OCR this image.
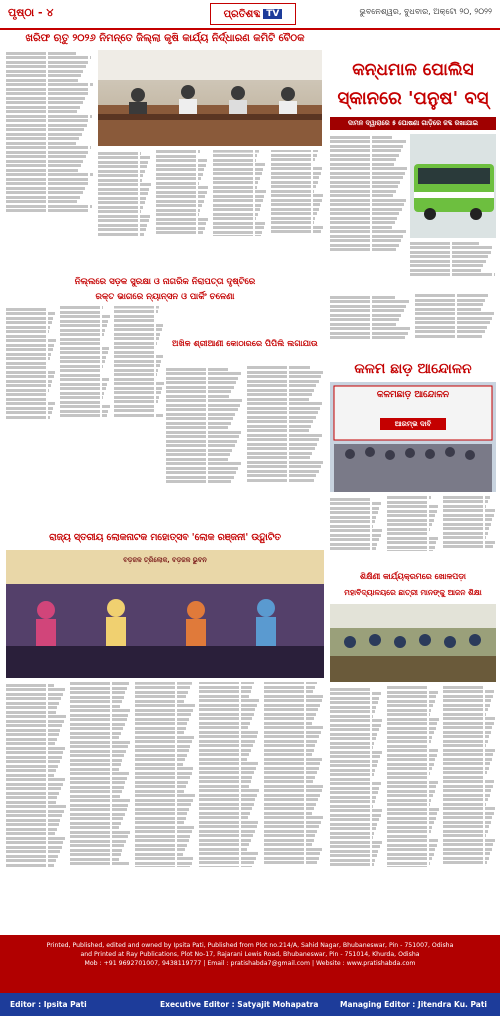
ପୃଷ୍ଠା - ୪	ପ୍ରତିଶବ୍ଦ TV	ଭୁବନେଶ୍ୱର, ବୁଧବାର, ଅକ୍ଟୋ ୨୦, ୨୦୨୨
ଖରିଫ ଋତୁ ୨୦୨୬ ନିମନ୍ତେ ଜିଲ୍ଲା କୃଷି କାର୍ଯ୍ୟ ନିର୍ଦ୍ଧାରଣ କମିଟି ବୈଠକ
କନ୍ଧମାଳ ପୋଲିସ
ସ୍କାନରେ 'ପନୁଷ' ବସ୍
ଦାମନ ଦ୍ୱାରାରେ ୫ ଘୋଷଣା ଗାଡ଼ିରେ ଜବ୍ଦ ରଖାଯାଇ
ନିଲ୍ଲରେ ସଡ଼କ ସୁରକ୍ଷା ଓ ନାଗରିକ ନିରାପତ୍ତା ଦୃଷ୍ଟିରେ
ରକ୍ତ ଭାଗରେ ନ୍ୟାନ୍ସନ ଓ ପାର୍କିଂ ଚଳେଣା
ଅଖିଳ ଶ୍ରୀଆଣୀ କୋଠାରରେ ପିପିଲି ଲଗାଯାଉ
କଳମ ଛାଡ଼ ଆନ୍ଦୋଳନ
କଳମଛାଡ଼ ଆନ୍ଦୋଳନ
ଆରମ୍ଭ ଦାବି
ଶିକ୍ଷିଣୀ କାର୍ଯ୍ୟକ୍ରମରେ ଖୋଳପଡ଼ା
ମହାବିଦ୍ୟାଳୟରେ ଛାତ୍ରୀ ମାନଙ୍କୁ ଆଜନ ଶିକ୍ଷା
ରାଜ୍ୟ ସ୍ତରୀୟ ଲୋକନାଟକ ମହୋତ୍ସବ 'ଲୋକ ରଞ୍ଜନୀ' ଉଦ୍ଘାଟିତ
ବଡ଼ଜଳ ତ୍ରିଲୋକ, ବଡ଼ଜଳ ଭୁବନ
Printed, Published, edited and owned by Ipsita Pati, Published from Plot no.214/A, Sahid Nagar, Bhubaneswar, Pin - 751007, Odisha
and Printed at Ray Publications, Plot No-17, Rajarani Lewis Road, Bhubaneswar, Pin - 751014, Khurda, Odisha
Mob : +91 9692701007, 9438119777 | Email : pratishabda7@gmail.com | Website : www.pratishabda.com
Editor : Ipsita Pati	Executive Editor : Satyajit Mohapatra	Managing Editor : Jitendra Ku. Pati
